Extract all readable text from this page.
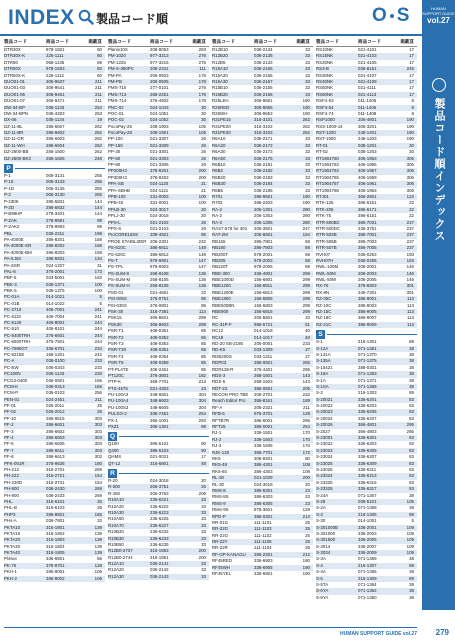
INDEX 製品コード順	O S	HUMAN SUPPORT GUIDE
vol.27
製品コード順インデックス
製品コード	商品コード	掲載頁
DTR30X	978-1501	60
DTR30X-K	226-1111	60
DTR50	058-1135	59
DTR50X	978-1503	60
DTR50X-K	226-1112	60
DUO01-01	306-9637	211
DUO01-03	306-9641	211
DUO01-05	306-9461	211
DUO01-07	306-9471	211
DW-34-BP	038-1133	253
DW-34-BPN	036-4203	253
DX-06	036-1134	19
DZ-11-BL	286-6607	262
DZ-11-BR	286-6602	262
DZ-11-GR	286-6603	262
DZ-11-WH	286-6604	262
DZ-2600-BB	286-1600	262
DZ-2600-BK3	286-1605	248
P
P-1	006-3131	255
P-10	006-3133	255
P-1D	006-3135	255
P-2	006-3130	255
P-230K	286-5831	144
P-2D	286-5832	144
P-B99HP	278-3401	144
P-ZAK	278-9991	99
P-ZAK2	278-9993	99
PBL	036-2211	198
PA-4000E	286-8201	158
PA-4000E-SR	286-8202	158
PA-4000E-BM	286-8203	158
PA-5.5M	286-5831	134
PA-SSR	024-1207	31
PAL-6	376-2001	173
PBF-5	033-5001	162
PBK-3	036-1371	100
PBK-5	036-1375	100
PC-01A	014-1021	5
PC-01B	014-1022	5
PC-3710	406-7001	241
PC-5110	406-7004	241
PC-5120	406-8001	244
PC-510	406-8101	244
PC-5400TRH	276-6601	244
PC-5500TRH	376-7501	244
PC-7980GT	336-6701	234
PC-8215E	156-1201	242
PC-A	036-0100	233
PC-EW	036-0343	233
PC100N	036-1143	233
PCG3-0400	036-0501	156
PCM-K	036-0313	156
PCM-P	036-0103	256
PEN-01	024-2451	211
PF-01	026-2011	25
PF-02	026-2012	25
PF-10	286-9615	303
PF-2	286-6601	303
PF-3	286-6602	303
PF-4	286-6603	303
PF-5	286-6605	303
PF-7	286-6611	303
PF-8	286-6613	303
PFK-001R	376-9636	180
PH-212	316-2701	269
PH-222	316-2721	154
PH-230D	316-2731	154
PH-800	036-2430	269
PH-900	036-2433	269
PHL	316-6101	25
PHL-B	316-6103	25
PHP3	286-8801	155
PHs-A	036-7801	33
PKTA10	316-1801	139
PKTA15	316-1802	139
PKTA20	316-1803	139
PKTA30	316-1804	139
PKTA40	316-1805	139
Pl4sec	336-6801	56
PK-76	376-9701	128
PKH-1	286-9001	106
PKH-2	286-9002	106
製品コード	商品コード	掲載頁
Planix10S	208-8053	283
PM-1020	977-3213	276
PM-1225	977-3215	276
PM-S-360PC	208-2341	111
PM-PA	206-0503	178
PM-PB	206-0505	178
PMS-710	377-0101	276
PMS-713	268-2251	178
PMS-714	276-4502	178
PNC-02	024-1043	30
POC-01	024-1051	30
POC-02	024-1052	30
PocoPay-25	208-1903	105
PocoPay-28	208-1901	105
PP-100	021-3307	26
PP-150	021-3309	26
PP-30	021-3301	26
PP-50	021-3303	26
PP-80	021-3305	26
PP200H3	378-9261	200
PP300H3	378-9263	200
PPA-SB	024-1120	21
PPA-SBHB	024-1121	21
PPB-100	231-0003	100
PPB-40	231-0001	100
PPLB-30	024-3017	20
PPLJ-30	024-3018	20
PPS-L	021-2102	26
PPS-S	021-2103	26
ProCORE18X8	208-4501	96
PROE STABILIZER 206-2301	232
PS-610C	386-6811	148
PS-620C	386-6812	148
PS-T	978-6901	147
PS-TPL	978-6903	147
PS-SUM-8	268-8108	136
PS-SUM-M	268-8105	136
PS-SUM-H	268-8106	136
PSD-01	021-4651	22
PSI-005S	376-0751	95
PSI-030S	376-0801	95
PSK-30	316-7391	114
PSK15	306-9601	299
PSK30	306-9603	299
PSR-T1	408-0351	85
PSR-T2	408-0352	85
PSR-T3	408-0353	85
PSR-T30	408-0361	85
PSR-T4	408-0354	85
PSR-T5	408-0359	85
PT-PLATE	406-2451	85
PT120C	376-3801	182
PTP-K	368-7701	213
PTS-4575	021-4303	23
PU-100A3	348-6601	304
PU-100A4	348-6603	304
PU-100S3	348-6605	304
PULSO-2	336-7451	254
PX-1	366-1001	293
PXZ1	306-1301	99
Q
Q100	386-6101	90
Q400	386-6103	90
QHMS	021-0021	17
QT-12	316-6801	48
R
R-20	024-3018	20
R-300	206-3751	26
R-450	206-3753	206
R10A10	236-6221	33
R10A20	236-6222	33
R10A30	236-6223	33
R10A50	236-6225	33
R10A70	236-6227	33
R10B20	236-6232	33
R10B30	236-6233	33
R10B50	236-6235	33
R12B0-2737	316-1953	200
R12B0-2744	316-1951	200
R12A10	036-2141	33
R12A20	036-2142	33
R12A30	036-2143	33
製品コード	商品コード	掲載頁
R12B10	036-2134	33
R12B20	036-2135	33
R12B5	036-2133	33
R15A10	036-2165	33
R15A20	036-2166	33
R15A30	036-2167	33
R15B10	036-2155	33
R15B20	036-2156	33
R25LEH	306-9651	190
R25RED	306-9655	190
R25WH	306-9653	190
R31PE15	316-3101	262
R31PE20	316-3102	262
R31PE30	316-3103	262
R6A10	036-2171	33
R6A20	036-2172	33
R6A30	036-2173	33
R6A50	036-2175	33
R6B10	036-2181	33
R6B2	036-2182	33
R6B20	036-2183	33
R6B30	036-2184	33
R6B5	036-2185	33
R701	286-9601	190
R703	286-2403	190
RA-2	206-1301	280
RA-2	206-1303	280
RA-3	206-1305	280
RAS7-578 for 301	206-3501	247
RAT-2M	206-6601	194
RB165	286-7801	58
RB180	286-7803	58
RB200T	978-2001	58
RB205	978-2003	58
RB220T	978-2005	58
RBE-300	336-4901	299
RBE1000D	156-6801	299
RBE1200	156-6811	299
RBE1200E	156-6813	299
RBE1800	156-6805	299
RBE500BN	156-6803	299
RBE900	156-6815	299
RC	206-5601	33
RC-31P-F	986-5721	51
RC12	014-1018	40
RC18	014-1017	40
RD-20 SB-2185	206-0001	233
RD-K5	033-1309	27
RDB200G	033-1311	27
RDP03	286-0601	255
RDR128-R	376-4401	295
RDS-3	268-1601	143
RDS-5	268-1603	143
RDT-23	386-0601	205
RECON PRO TBE	206-2701	232
Reach Editor Pro	386-8161	189
RF-A	206-2321	211
RFB-5	976-3701	128
RFTB7R	386-6001	295
RFT25	386-0001	254
RJ-1	336-1501	170
RJ-2	336-1503	170
RJ-3	336-1505	170
RJK-120	386-7701	172
RK5	306-8401	80
RK5-48	386-4301	108
RK5-60	386-4303	108
RL-30	021-1029	200
RL-30	024-3018	20
RMS-8	386-6301	23
RMS-8S	386-6303	23
RMS-9	386-6305	23
RMS-9S	978-3601	128
RPD-P	386-0301	213
RR-01G	111-1101	25
RR-22G	111-1103	25
RR-22O	111-1102	25
RR-22Y	111-1105	25
RR-22R	111-1104	25
RF-GP-KANAGU	286-2301	212
RF45RED	336-6903	190
RF45WH	336-6905	190
RF45YEL	336-6901	190
製品コード	商品コード	掲載頁
RS10NK	021-4101	17
RS15NK	021-4103	17
RS20NK	021-4105	17
RS3-B	036-8151	245
RS30NK	021-4107	17
RS40NK	021-4109	17
RS50NK	021-4111	17
RS60NK	021-4113	17
RSF4-53	011-1405	8
RSF4-54	011-1406	8
RSF4-74	011-1408	8
RSP1000	206-4801	190
RSS-1000-14	306-3201	190
RST-1200	246-1401	190
RST-1500	246-1403	190
RT-01	038-1201	30
RT-02	038-1203	30
RT1904750	406-1953	306
RT1904753	406-1955	306
RT1904754	406-1957	306
RT1904755	406-1959	306
RT1904757	406-1961	306
RT1904758	406-1963	306
RTJ01	366-2901	122
RTK-125	386-6161	22
RTK-205	386-6171	22
RTK-75	386-6151	22
RTR-500BC	386-7031	237
RTR-500DC	236-3751	237
RTR-503B	386-7001	237
RTR-505B	386-7003	237
RTR-507B	386-7005	237
RVH07	036-0263	193
RVH07H	036-0265	193
RWL-100M	206-2001	146
RWL-50M	206-2003	146
RWL-50W	206-2005	146
RX-76	376-6903	301
RX-8N	346-7301	301
RZ-05C	386-9001	113
RZ-10C	386-9003	113
RZ-15C	386-9005	113
RZ-18C	386-9007	113
RZ-21C	386-9009	113
S
S-1	216-1301	89
S-12A	071-1361	38
S-131A	071-1370	38
S-135A	071-1375	38
S-15421	388-0301	38
S-16A	071-1363	38
S-1A	071-1371	38
S-1SA	071-1365	38
S-2	216-1303	89
S-20021	336-6201	83
S-20022	336-6203	83
S-20023	336-6205	83
S-20024	336-6207	83
S-20026	366-4801	295
S-2027	366-4803	295
S-23001	336-6301	83
S-23022	336-6303	83
S-23023	336-6305	83
S-23024	336-6307	83
S-23025	336-6309	83
S-23026	336-6311	83
S-23324	336-6313	83
S-23325	336-6315	83
S-23326	336-6317	83
S-24A	071-1367	38
S-28	036-5101	105
S-2A	071-1368	38
S-3	216-1305	89
S-30	014-1051	5
S-301000B	336-2001	109
S-301000	336-2003	109
S-301500	336-2005	109
S-3014	336-2007	109
S-3034	336-2009	109
S-3A	071-1369	38
S-4	216-1307	89
S-4A	071-1366	38
S-5	216-1309	89
S-5TA	071-1364	38
S-6YA	071-1362	38
S-8YA	071-1360	38
HUMAN SUPPORT GUIDE vol.27 279
